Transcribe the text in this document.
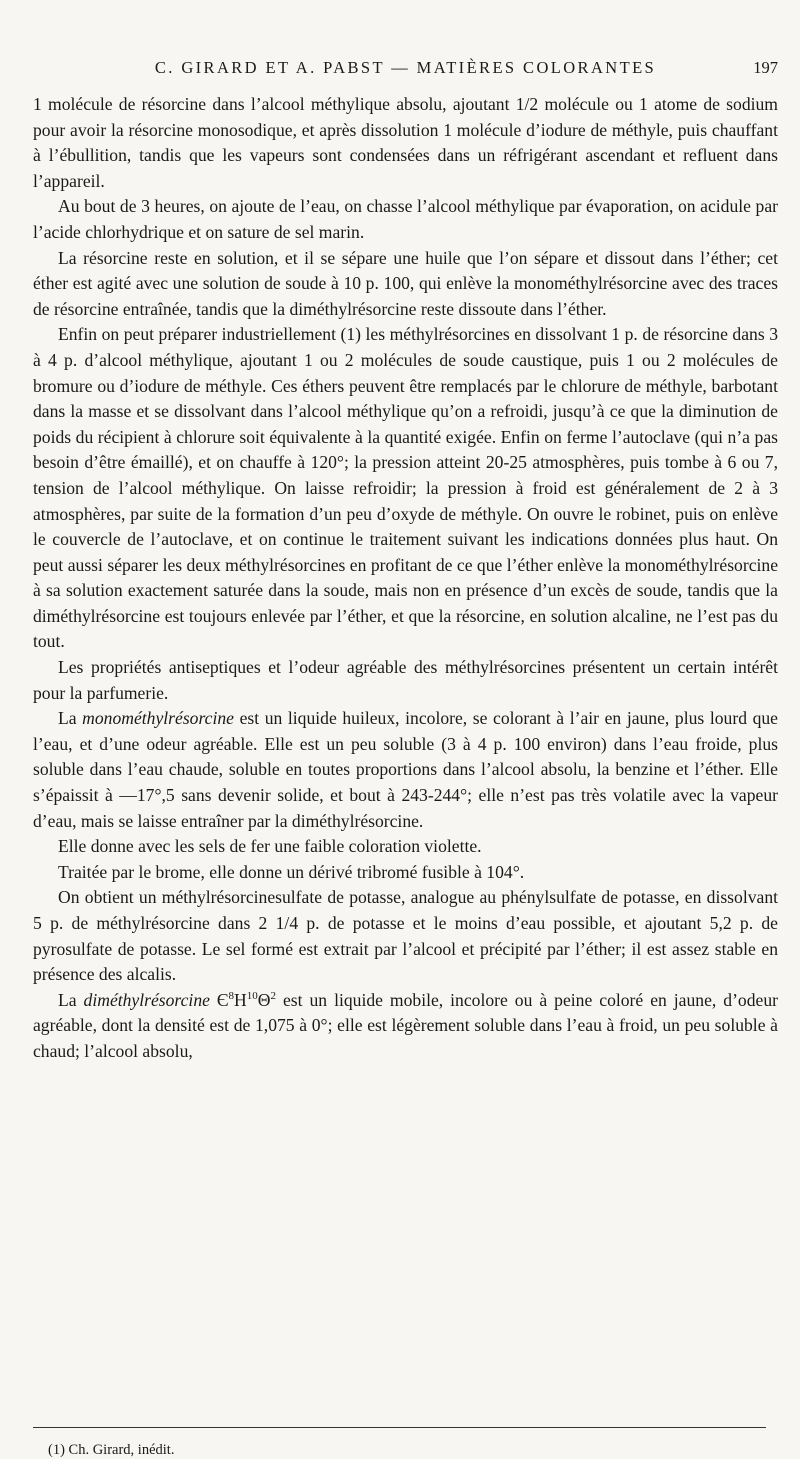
C. GIRARD ET A. PABST — MATIÈRES COLORANTES	197

1 molécule de résorcine dans l’alcool méthylique absolu, ajoutant 1/2 molécule ou 1 atome de sodium pour avoir la résorcine monosodique, et après dissolution 1 molécule d’iodure de méthyle, puis chauffant à l’ébullition, tandis que les vapeurs sont condensées dans un réfrigérant ascendant et refluent dans l’appareil.

Au bout de 3 heures, on ajoute de l’eau, on chasse l’alcool méthylique par évaporation, on acidule par l’acide chlorhydrique et on sature de sel marin.

La résorcine reste en solution, et il se sépare une huile que l’on sépare et dissout dans l’éther; cet éther est agité avec une solution de soude à 10 p. 100, qui enlève la monométhylrésorcine avec des traces de résorcine entraînée, tandis que la diméthylrésorcine reste dissoute dans l’éther.

Enfin on peut préparer industriellement (1) les méthylrésorcines en dissolvant 1 p. de résorcine dans 3 à 4 p. d’alcool méthylique, ajoutant 1 ou 2 molécules de soude caustique, puis 1 ou 2 molécules de bromure ou d’iodure de méthyle. Ces éthers peuvent être remplacés par le chlorure de méthyle, barbotant dans la masse et se dissolvant dans l’alcool méthylique qu’on a refroidi, jusqu’à ce que la diminution de poids du récipient à chlorure soit équivalente à la quantité exigée. Enfin on ferme l’autoclave (qui n’a pas besoin d’être émaillé), et on chauffe à 120°; la pression atteint 20-25 atmosphères, puis tombe à 6 ou 7, tension de l’alcool méthylique. On laisse refroidir; la pression à froid est généralement de 2 à 3 atmosphères, par suite de la formation d’un peu d’oxyde de méthyle. On ouvre le robinet, puis on enlève le couvercle de l’autoclave, et on continue le traitement suivant les indications données plus haut. On peut aussi séparer les deux méthylrésorcines en profitant de ce que l’éther enlève la monométhylrésorcine à sa solution exactement saturée dans la soude, mais non en présence d’un excès de soude, tandis que la diméthylrésorcine est toujours enlevée par l’éther, et que la résorcine, en solution alcaline, ne l’est pas du tout.

Les propriétés antiseptiques et l’odeur agréable des méthylrésorcines présentent un certain intérêt pour la parfumerie.

La monométhylrésorcine est un liquide huileux, incolore, se colorant à l’air en jaune, plus lourd que l’eau, et d’une odeur agréable. Elle est un peu soluble (3 à 4 p. 100 environ) dans l’eau froide, plus soluble dans l’eau chaude, soluble en toutes proportions dans l’alcool absolu, la benzine et l’éther. Elle s’épaissit à —17°,5 sans devenir solide, et bout à 243-244°; elle n’est pas très volatile avec la vapeur d’eau, mais se laisse entraîner par la diméthylrésorcine.

Elle donne avec les sels de fer une faible coloration violette.

Traitée par le brome, elle donne un dérivé tribromé fusible à 104°.

On obtient un méthylrésorcinesulfate de potasse, analogue au phénylsulfate de potasse, en dissolvant 5 p. de méthylrésorcine dans 2 1/4 p. de potasse et le moins d’eau possible, et ajoutant 5,2 p. de pyrosulfate de potasse. Le sel formé est extrait par l’alcool et précipité par l’éther; il est assez stable en présence des alcalis.

La diméthylrésorcine $Є^8H^{10}\Theta^2$ est un liquide mobile, incolore ou à peine coloré en jaune, d’odeur agréable, dont la densité est de 1,075 à 0°; elle est légèrement soluble dans l’eau à froid, un peu soluble à chaud; l’alcool absolu,

(1) Ch. Girard, inédit.
